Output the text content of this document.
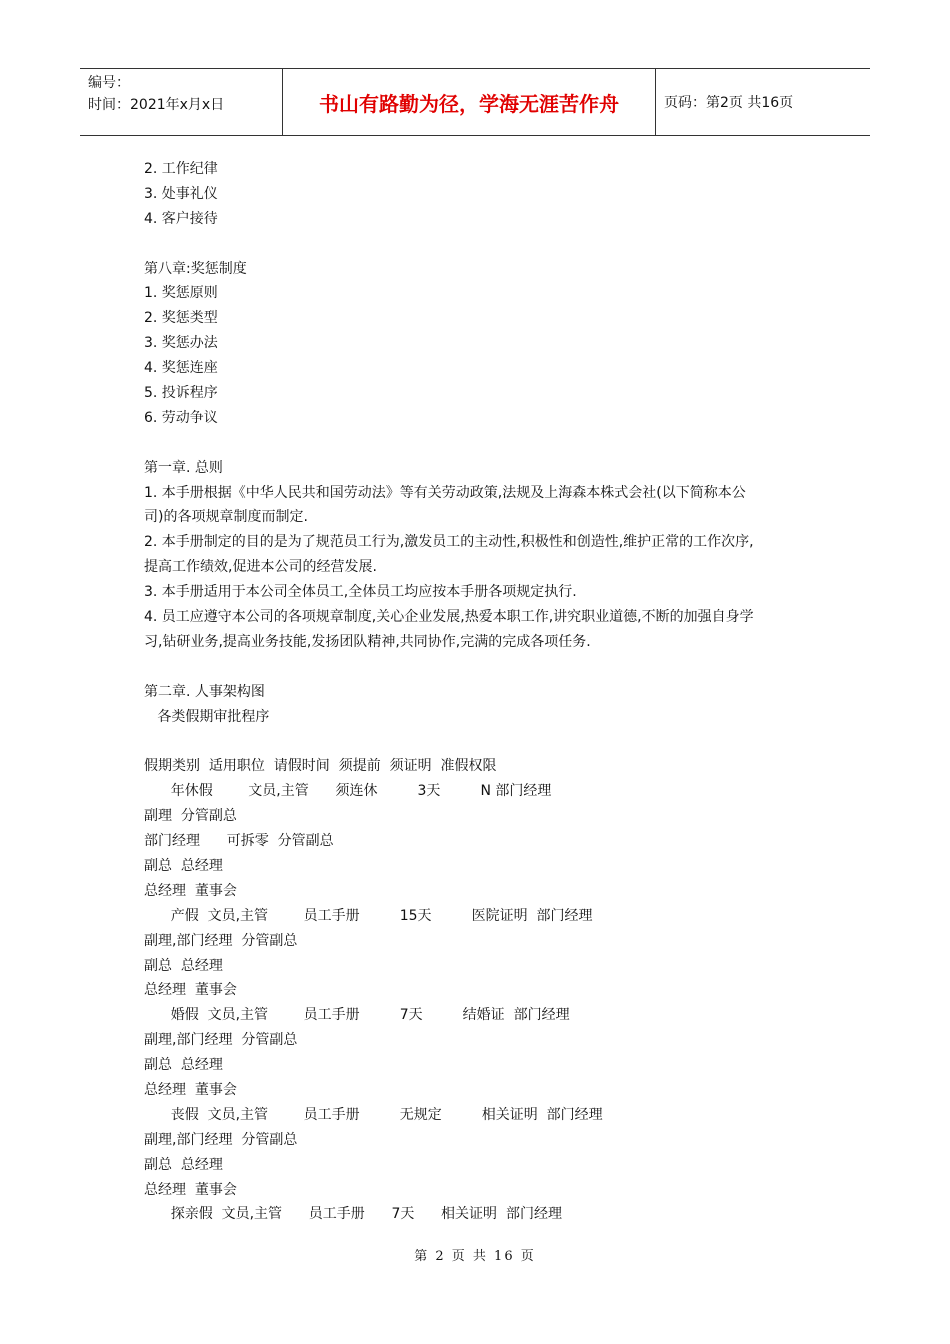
编号：
时间：2021年x月x日	书山有路勤为径，学海无涯苦作舟	页码：第2页 共16页
2. 工作纪律
3. 处事礼仪
4. 客户接待
第八章:奖惩制度
1. 奖惩原则
2. 奖惩类型
3. 奖惩办法
4. 奖惩连座
5. 投诉程序
6. 劳动争议
第一章. 总则
1. 本手册根据《中华人民共和国劳动法》等有关劳动政策,法规及上海森本株式会社(以下简称本公
司)的各项规章制度而制定.
2. 本手册制定的目的是为了规范员工行为,激发员工的主动性,积极性和创造性,维护正常的工作次序,
提高工作绩效,促进本公司的经营发展.
3. 本手册适用于本公司全体员工,全体员工均应按本手册各项规定执行.
4. 员工应遵守本公司的各项规章制度,关心企业发展,热爱本职工作,讲究职业道德,不断的加强自身学
习,钻研业务,提高业务技能,发扬团队精神,共同协作,完满的完成各项任务.
第二章. 人事架构图
各类假期审批程序
假期类别  适用职位  请假时间  须提前  须证明  准假权限
年休假        文员,主管      须连休         3天         N 部门经理
副理  分管副总
部门经理      可拆零  分管副总
副总  总经理
总经理  董事会
产假  文员,主管        员工手册         15天         医院证明  部门经理
副理,部门经理  分管副总
副总  总经理
总经理  董事会
婚假  文员,主管        员工手册         7天         结婚证  部门经理
副理,部门经理  分管副总
副总  总经理
总经理  董事会
丧假  文员,主管        员工手册         无规定         相关证明  部门经理
副理,部门经理  分管副总
副总  总经理
总经理  董事会
探亲假  文员,主管      员工手册      7天      相关证明  部门经理
第 2 页 共 16 页
